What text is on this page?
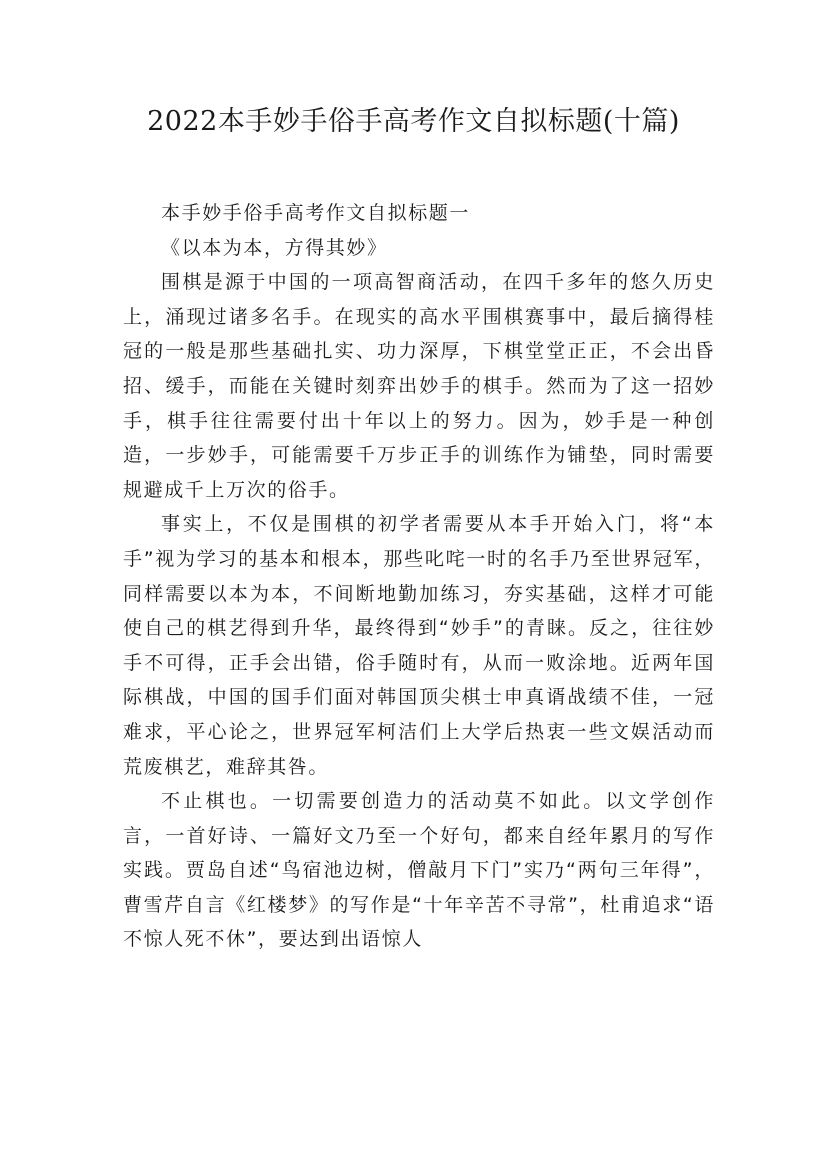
2022本手妙手俗手高考作文自拟标题(十篇)

本手妙手俗手高考作文自拟标题一

《以本为本，方得其妙》

围棋是源于中国的一项高智商活动，在四千多年的悠久历史上，涌现过诸多名手。在现实的高水平围棋赛事中，最后摘得桂冠的一般是那些基础扎实、功力深厚，下棋堂堂正正，不会出昏招、缓手，而能在关键时刻弈出妙手的棋手。然而为了这一招妙手，棋手往往需要付出十年以上的努力。因为，妙手是一种创造，一步妙手，可能需要千万步正手的训练作为铺垫，同时需要规避成千上万次的俗手。

事实上，不仅是围棋的初学者需要从本手开始入门，将“本手”视为学习的基本和根本，那些叱咤一时的名手乃至世界冠军，同样需要以本为本，不间断地勤加练习，夯实基础，这样才可能使自己的棋艺得到升华，最终得到“妙手”的青睐。反之，往往妙手不可得，正手会出错，俗手随时有，从而一败涂地。近两年国际棋战，中国的国手们面对韩国顶尖棋士申真谞战绩不佳，一冠难求，平心论之，世界冠军柯洁们上大学后热衷一些文娱活动而荒废棋艺，难辞其咎。

不止棋也。一切需要创造力的活动莫不如此。以文学创作言，一首好诗、一篇好文乃至一个好句，都来自经年累月的写作实践。贾岛自述“鸟宿池边树，僧敲月下门”实乃“两句三年得”，曹雪芹自言《红楼梦》的写作是“十年辛苦不寻常”，杜甫追求“语不惊人死不休”，要达到出语惊人
